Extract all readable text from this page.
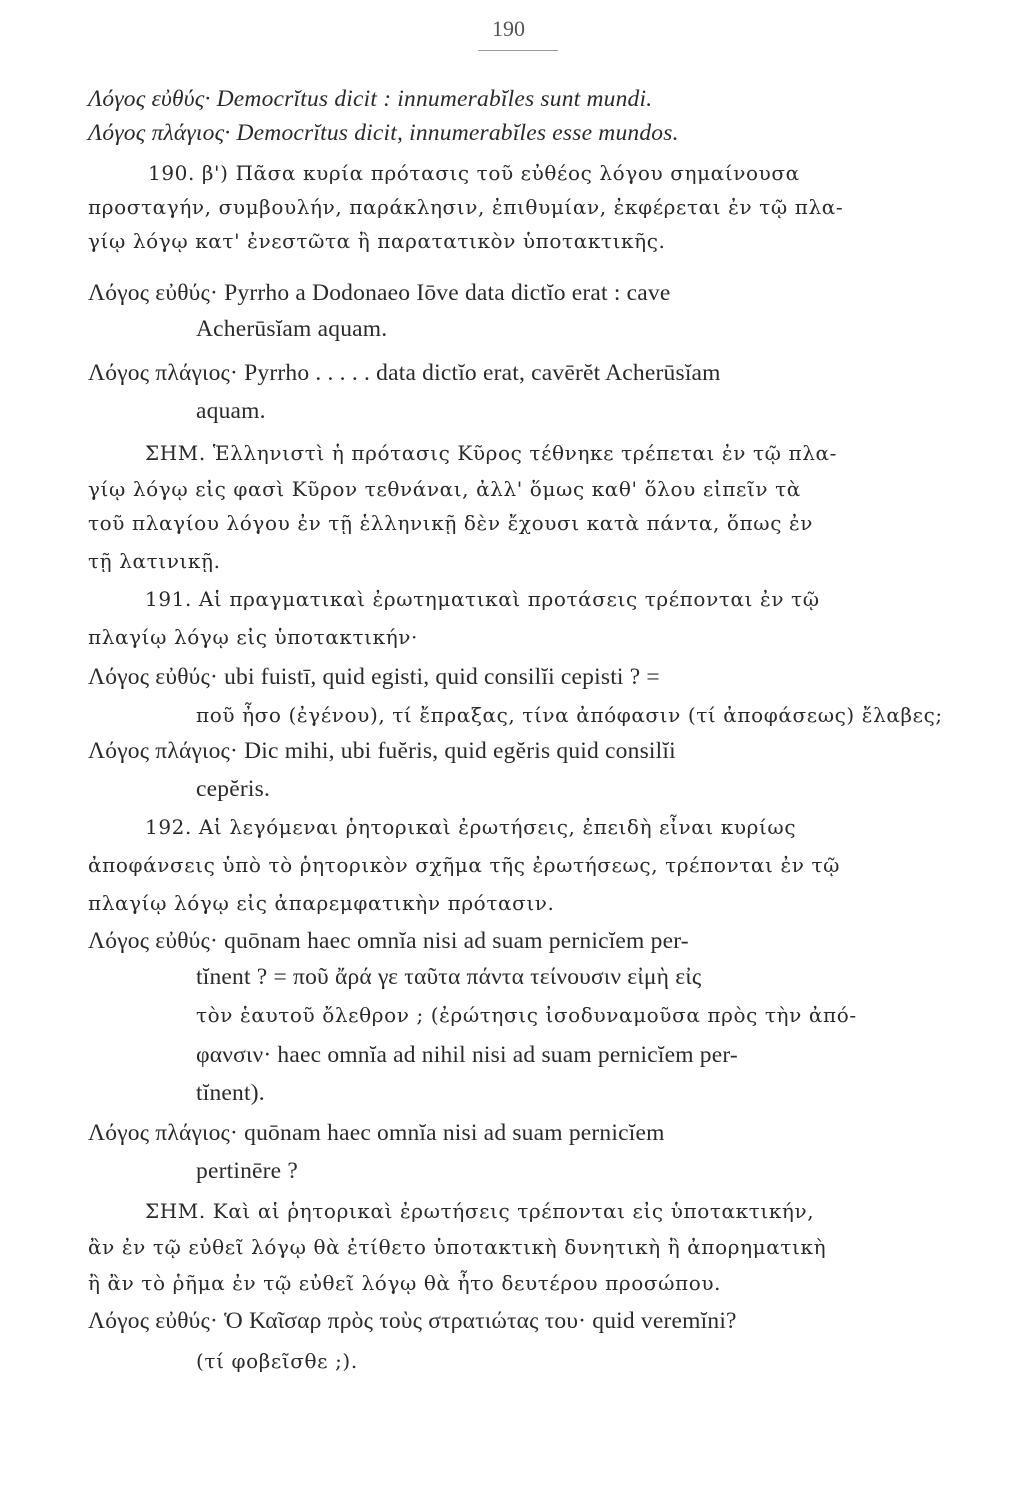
190
Λόγος εὐθύς· Democrĭtus dicit : innumerabĭles sunt mundi.
Λόγος πλάγιος· Democrĭtus dicit, innumerabĭles esse mundos.
190. β') Πᾶσα κυρία πρότασις τοῦ εὐθέος λόγου σημαίνουσα
προσταγήν, συμβουλήν, παράκλησιν, ἐπιθυμίαν, ἐκφέρεται ἐν τῷ πλα-
γίῳ λόγῳ κατ' ἐνεστῶτα ἢ παρατατικὸν ὑποτακτικῆς.
Λόγος εὐθύς· Pyrrho a Dodonaeo Iōve data dictĭo erat : cave
Acherūsĭam aquam.
Λόγος πλάγιος· Pyrrho . . . . . data dictĭo erat, cavērĕt Acherūsĭam
aquam.
ΣΗΜ. Ἑλληνιστὶ ἡ πρότασις Κῦρος τέθνηκε τρέπεται ἐν τῷ πλα-
γίῳ λόγῳ εἰς φασὶ Κῦρον τεθνάναι, ἀλλ' ὅμως καθ' ὅλου εἰπεῖν τὰ
τοῦ πλαγίου λόγου ἐν τῇ ἑλληνικῇ δὲν ἔχουσι κατὰ πάντα, ὅπως ἐν
τῇ λατινικῇ.
191. Αἱ πραγματικαὶ ἐρωτηματικαὶ προτάσεις τρέπονται ἐν τῷ
πλαγίῳ λόγῳ εἰς ὑποτακτικήν·
Λόγος εὐθύς· ubi fuistī, quid egisti, quid consilĭi cepisti ? =
ποῦ ἦσο (ἐγένου), τί ἔπραξας, τίνα ἀπόφασιν (τί ἀποφάσεως) ἔλαβες;
Λόγος πλάγιος· Dic mihi, ubi fuĕris, quid egĕris quid consilĭi
cepĕris.
192. Αἱ λεγόμεναι ῥητορικαὶ ἐρωτήσεις, ἐπειδὴ εἶναι κυρίως
ἀποφάνσεις ὑπὸ τὸ ῥητορικὸν σχῆμα τῆς ἐρωτήσεως, τρέπονται ἐν τῷ
πλαγίῳ λόγῳ εἰς ἀπαρεμφατικὴν πρότασιν.
Λόγος εὐθύς· quōnam haec omnĭa nisi ad suam pernicĭem per-
tĭnent ? = ποῦ ἄρά γε ταῦτα πάντα τείνουσιν εἰμὴ εἰς
τὸν ἑαυτοῦ ὄλεθρον ; (ἐρώτησις ἰσοδυναμοῦσα πρὸς τὴν ἀπό-
φανσιν· haec omnĭa ad nihil nisi ad suam pernicĭem per-
tĭnent).
Λόγος πλάγιος· quōnam haec omnĭa nisi ad suam pernicĭem
pertinēre ?
ΣΗΜ. Καὶ αἱ ῥητορικαὶ ἐρωτήσεις τρέπονται εἰς ὑποτακτικήν,
ἂν ἐν τῷ εὐθεῖ λόγῳ θὰ ἐτίθετο ὑποτακτικὴ δυνητικὴ ἢ ἀπορηματικὴ
ἢ ἂν τὸ ῥῆμα ἐν τῷ εὐθεῖ λόγῳ θὰ ἦτο δευτέρου προσώπου.
Λόγος εὐθύς· Ὁ Καῖσαρ πρὸς τοὺς στρατιώτας του· quid veremĭni?
(τί φοβεῖσθε ;).
